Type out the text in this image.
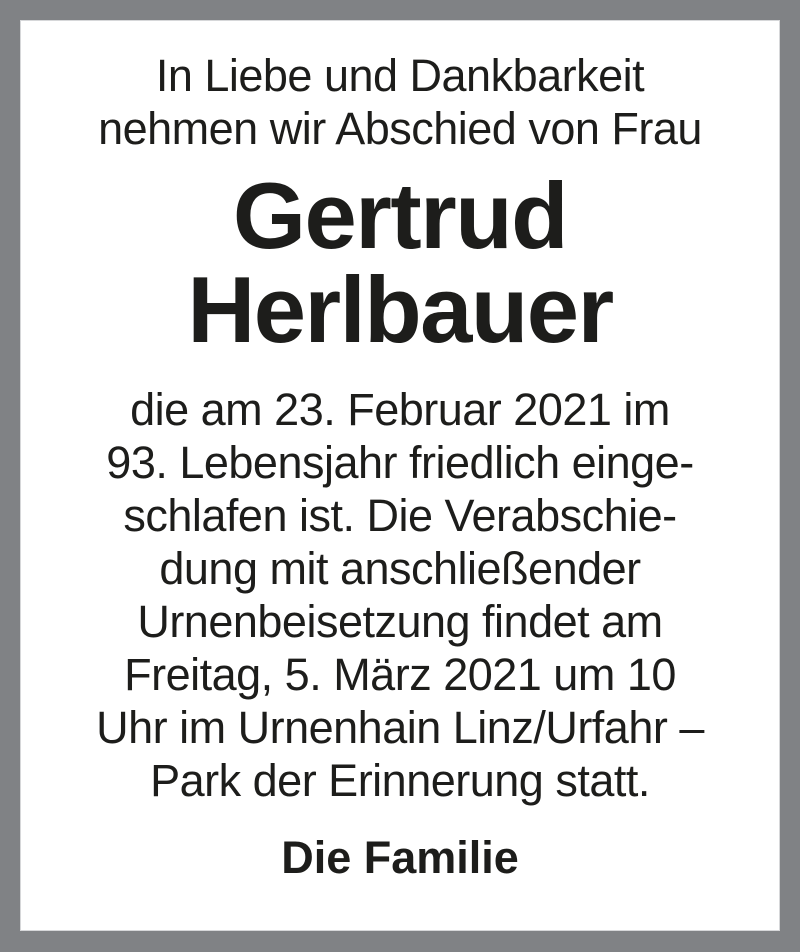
In Liebe und Dankbarkeit
nehmen wir Abschied von Frau
Gertrud
Herlbauer
die am 23. Februar 2021 im
93. Lebensjahr friedlich einge-
schlafen ist. Die Verabschie-
dung mit anschließender
Urnenbeisetzung findet am
Freitag, 5. März 2021 um 10
Uhr im Urnenhain Linz/Urfahr –
Park der Erinnerung statt.
Die Familie
